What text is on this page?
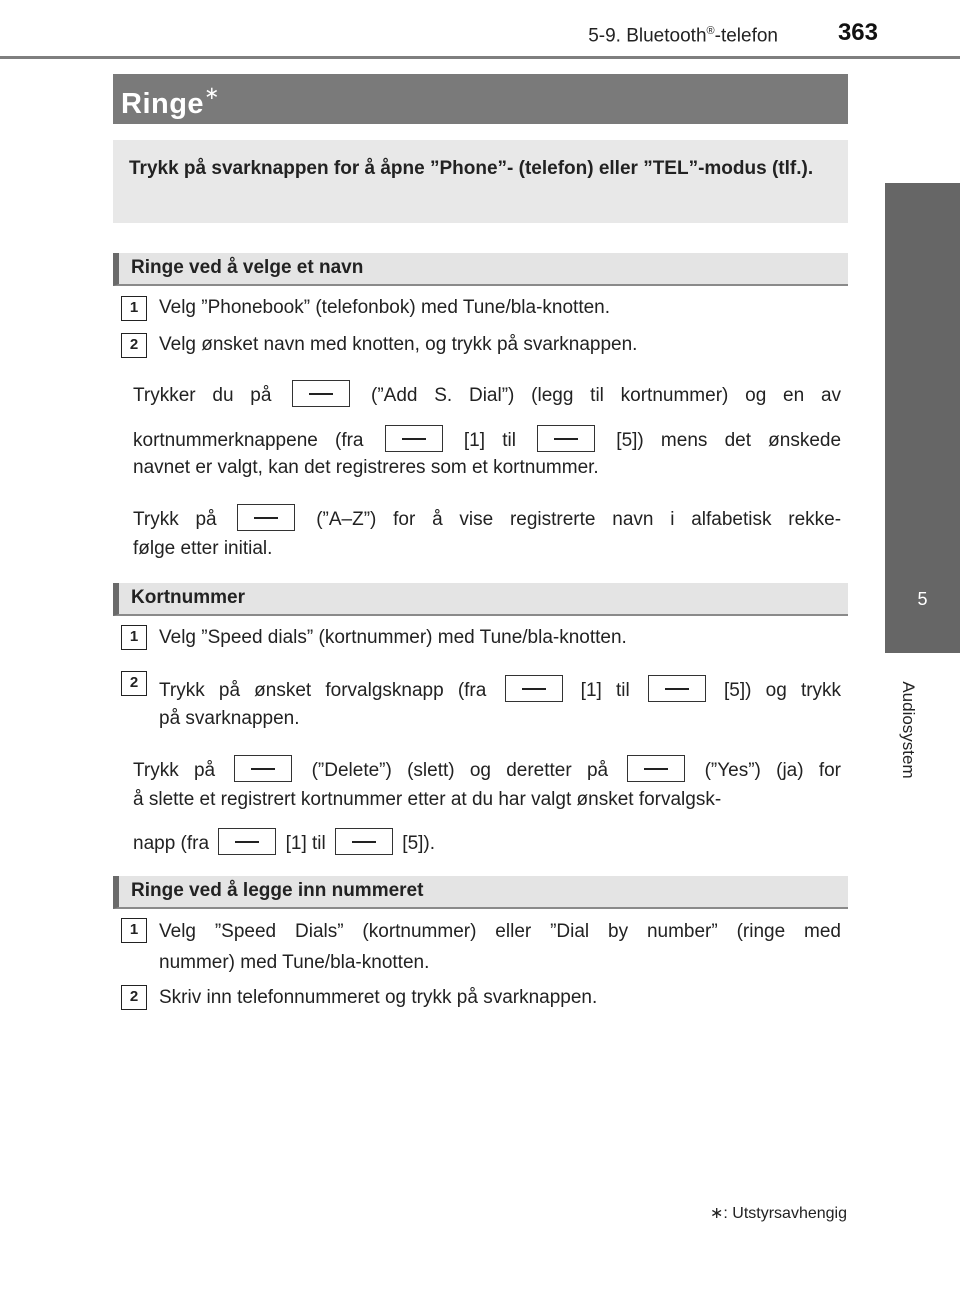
5-9. Bluetooth®-telefon 363
5
Audiosystem
Ringe∗
Trykk på svarknappen for å åpne ”Phone”- (telefon) eller ”TEL”-modus (tlf.).
Ringe ved å velge et navn
1	Velg ”Phonebook” (telefonbok) med Tune/bla-knotten.
2	Velg ønsket navn med knotten, og trykk på svarknappen.
Trykker du på	(”Add S. Dial”) (legg til kortnummer) og en av
kortnummerknappene (fra	[1] til	[5]) mens det ønskede
navnet er valgt, kan det registreres som et kortnummer.
Trykk på	(”A–Z”) for å vise registrerte navn i alfabetisk rekke-
følge etter initial.
Kortnummer
1	Velg ”Speed dials” (kortnummer) med Tune/bla-knotten.
2	Trykk på ønsket forvalgsknapp (fra	[1] til	[5]) og trykk
på svarknappen.
Trykk på	(”Delete”) (slett) og deretter på	(”Yes”) (ja) for
å slette et registrert kortnummer etter at du har valgt ønsket forvalgsk-
napp (fra	[1] til	[5]).
Ringe ved å legge inn nummeret
1	Velg ”Speed Dials” (kortnummer) eller ”Dial by number” (ringe med
nummer) med Tune/bla-knotten.
2	Skriv inn telefonnummeret og trykk på svarknappen.
∗: Utstyrsavhengig
